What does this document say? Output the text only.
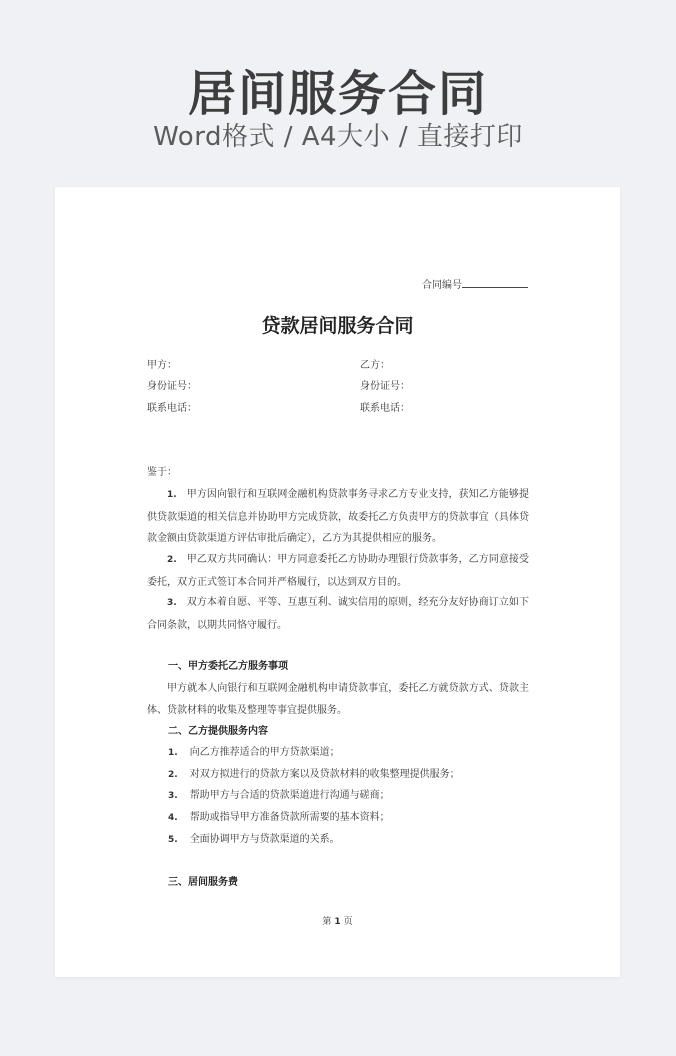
居间服务合同
Word格式 / A4大小 / 直接打印
合同编号
贷款居间服务合同
甲方：
身份证号：
联系电话：
乙方：
身份证号：
联系电话：
鉴于：
1. 甲方因向银行和互联网金融机构贷款事务寻求乙方专业支持，获知乙方能够提供贷款渠道的相关信息并协助甲方完成贷款，故委托乙方负责甲方的贷款事宜（具体贷款金额由贷款渠道方评估审批后确定），乙方为其提供相应的服务。
2. 甲乙双方共同确认：甲方同意委托乙方协助办理银行贷款事务，乙方同意接受委托，双方正式签订本合同并严格履行，以达到双方目的。
3. 双方本着自愿、平等、互惠互利、诚实信用的原则，经充分友好协商订立如下合同条款，以期共同恪守履行。
一、甲方委托乙方服务事项
甲方就本人向银行和互联网金融机构申请贷款事宜，委托乙方就贷款方式、贷款主体、贷款材料的收集及整理等事宜提供服务。
二、乙方提供服务内容
1. 向乙方推荐适合的甲方贷款渠道；
2. 对双方拟进行的贷款方案以及贷款材料的收集整理提供服务；
3. 帮助甲方与合适的贷款渠道进行沟通与磋商；
4. 帮助或指导甲方准备贷款所需要的基本资料；
5. 全面协调甲方与贷款渠道的关系。
三、居间服务费
第 1 页
